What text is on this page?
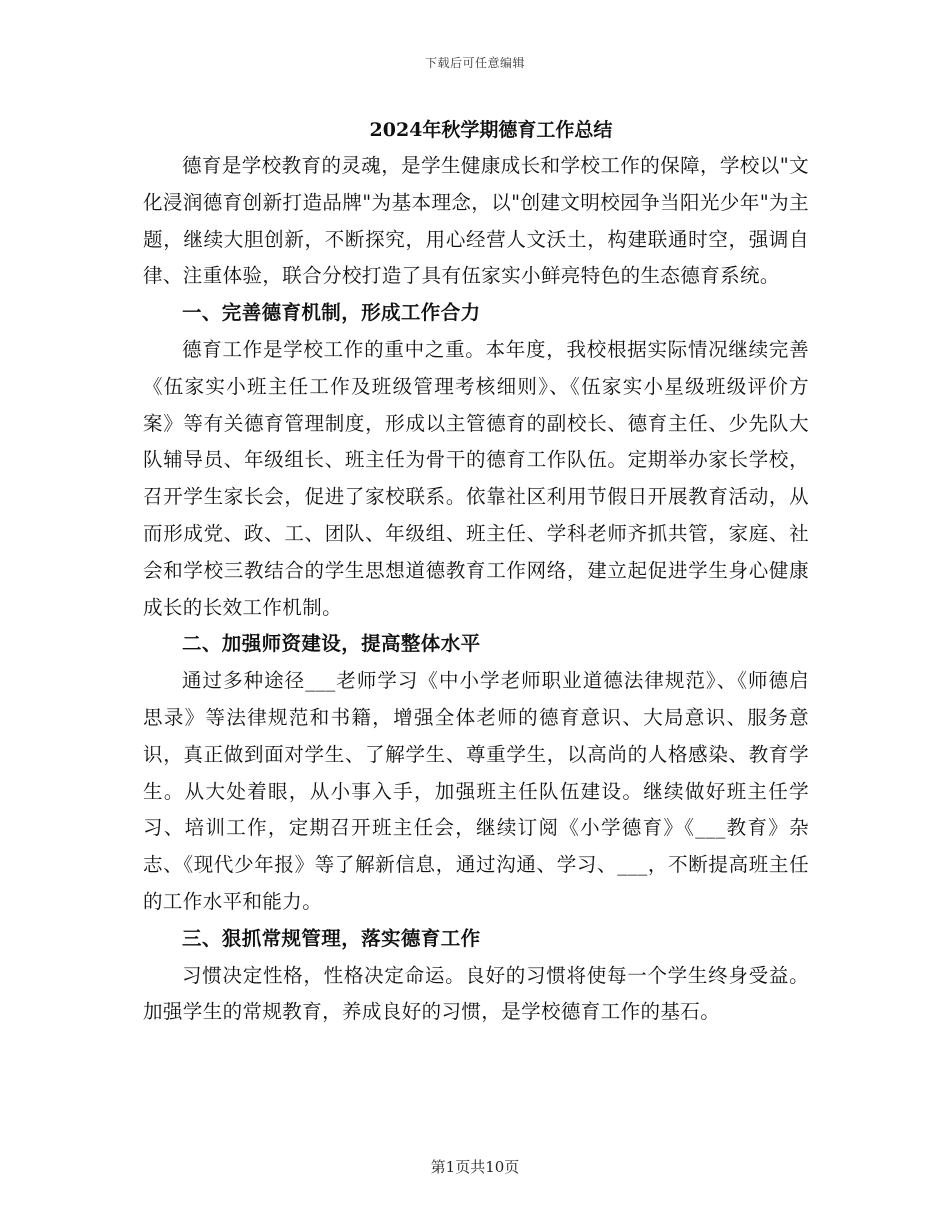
下载后可任意编辑
2024年秋学期德育工作总结

德育是学校教育的灵魂，是学生健康成长和学校工作的保障，学校以"文化浸润德育创新打造品牌"为基本理念，以"创建文明校园争当阳光少年"为主题，继续大胆创新，不断探究，用心经营人文沃土，构建联通时空，强调自律、注重体验，联合分校打造了具有伍家实小鲜亮特色的生态德育系统。

一、完善德育机制，形成工作合力

德育工作是学校工作的重中之重。本年度，我校根据实际情况继续完善《伍家实小班主任工作及班级管理考核细则》、《伍家实小星级班级评价方案》等有关德育管理制度，形成以主管德育的副校长、德育主任、少先队大队辅导员、年级组长、班主任为骨干的德育工作队伍。定期举办家长学校，召开学生家长会，促进了家校联系。依靠社区利用节假日开展教育活动，从而形成党、政、工、团队、年级组、班主任、学科老师齐抓共管，家庭、社会和学校三教结合的学生思想道德教育工作网络，建立起促进学生身心健康成长的长效工作机制。

二、加强师资建设，提高整体水平

通过多种途径___老师学习《中小学老师职业道德法律规范》、《师德启思录》等法律规范和书籍，增强全体老师的德育意识、大局意识、服务意识，真正做到面对学生、了解学生、尊重学生，以高尚的人格感染、教育学生。从大处着眼，从小事入手，加强班主任队伍建设。继续做好班主任学习、培训工作，定期召开班主任会，继续订阅《小学德育》《___教育》杂志、《现代少年报》等了解新信息，通过沟通、学习、___，不断提高班主任的工作水平和能力。

三、狠抓常规管理，落实德育工作

习惯决定性格，性格决定命运。良好的习惯将使每一个学生终身受益。加强学生的常规教育，养成良好的习惯，是学校德育工作的基石。

第1页共10页
